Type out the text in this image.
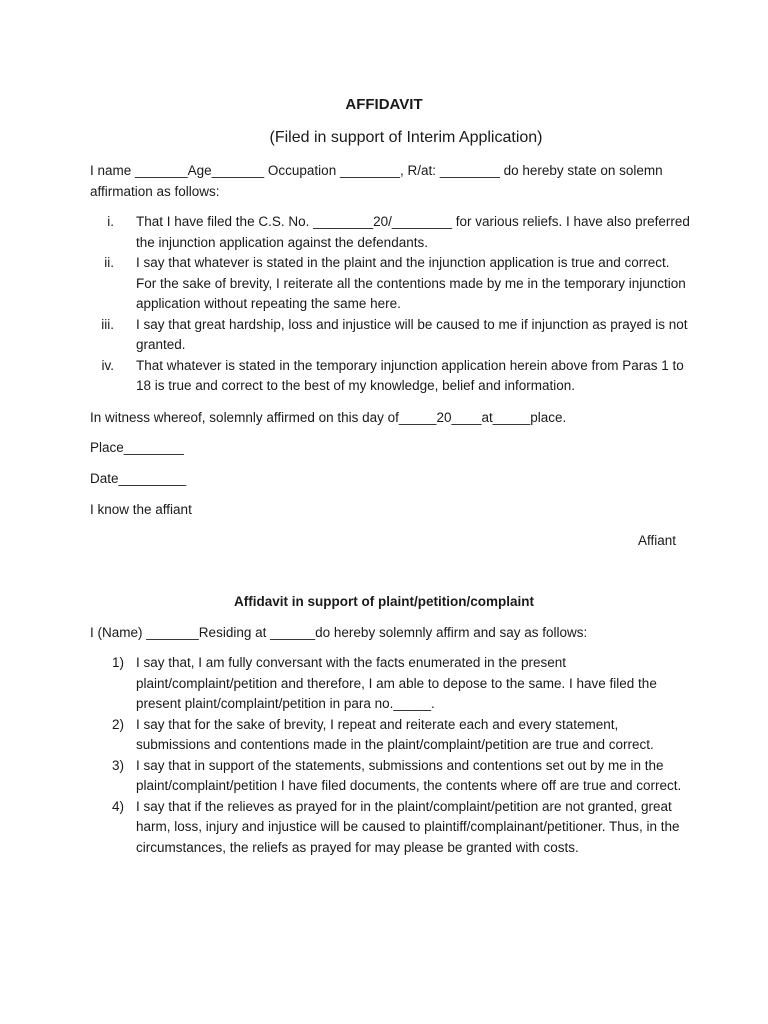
AFFIDAVIT
(Filed in support of Interim Application)

I name _______Age_______ Occupation ________, R/at: ________ do hereby state on solemn affirmation as follows:

i. That I have filed the C.S. No. ________20/________ for various reliefs. I have also preferred the injunction application against the defendants.
ii. I say that whatever is stated in the plaint and the injunction application is true and correct. For the sake of brevity, I reiterate all the contentions made by me in the temporary injunction application without repeating the same here.
iii. I say that great hardship, loss and injustice will be caused to me if injunction as prayed is not granted.
iv. That whatever is stated in the temporary injunction application herein above from Paras 1 to 18 is true and correct to the best of my knowledge, belief and information.

In witness whereof, solemnly affirmed on this day of_____20____at_____place.

Place________

Date_________

I know the affiant

Affiant
Affidavit in support of plaint/petition/complaint

I (Name) _______Residing at ______do hereby solemnly affirm and say as follows:

1) I say that, I am fully conversant with the facts enumerated in the present plaint/complaint/petition and therefore, I am able to depose to the same. I have filed the present plaint/complaint/petition in para no._____.
2) I say that for the sake of brevity, I repeat and reiterate each and every statement, submissions and contentions made in the plaint/complaint/petition are true and correct.
3) I say that in support of the statements, submissions and contentions set out by me in the plaint/complaint/petition I have filed documents, the contents where off are true and correct.
4) I say that if the relieves as prayed for in the plaint/complaint/petition are not granted, great harm, loss, injury and injustice will be caused to plaintiff/complainant/petitioner. Thus, in the circumstances, the reliefs as prayed for may please be granted with costs.
